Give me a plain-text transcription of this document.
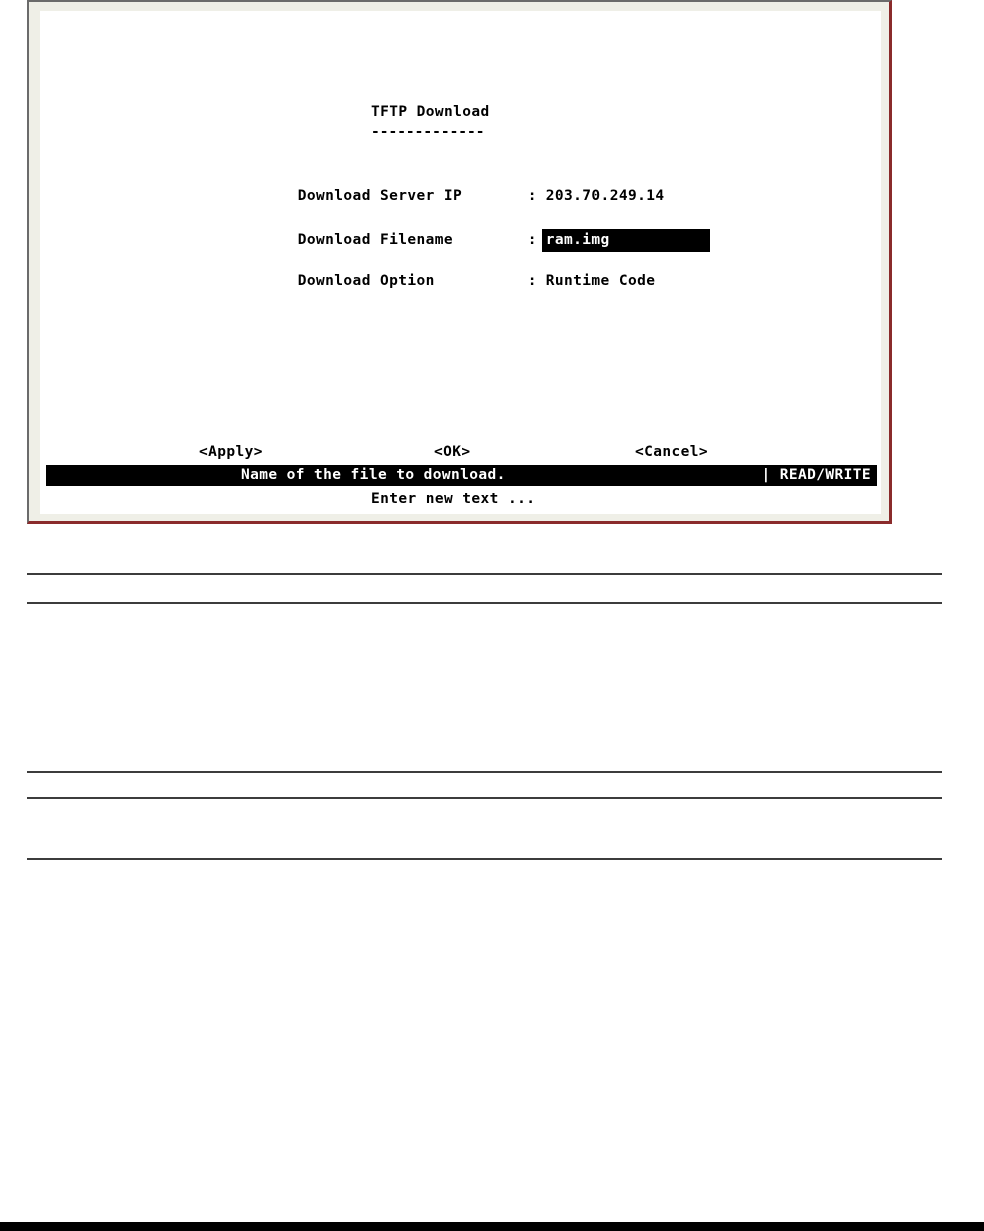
TFTP Download
-------------

Download Server IP	: 203.70.249.14

Download Filename	: ram.img

Download Option	: Runtime Code

<Apply>	<OK>	<Cancel>
Name of the file to download.	| READ/WRITE
Enter new text ...
